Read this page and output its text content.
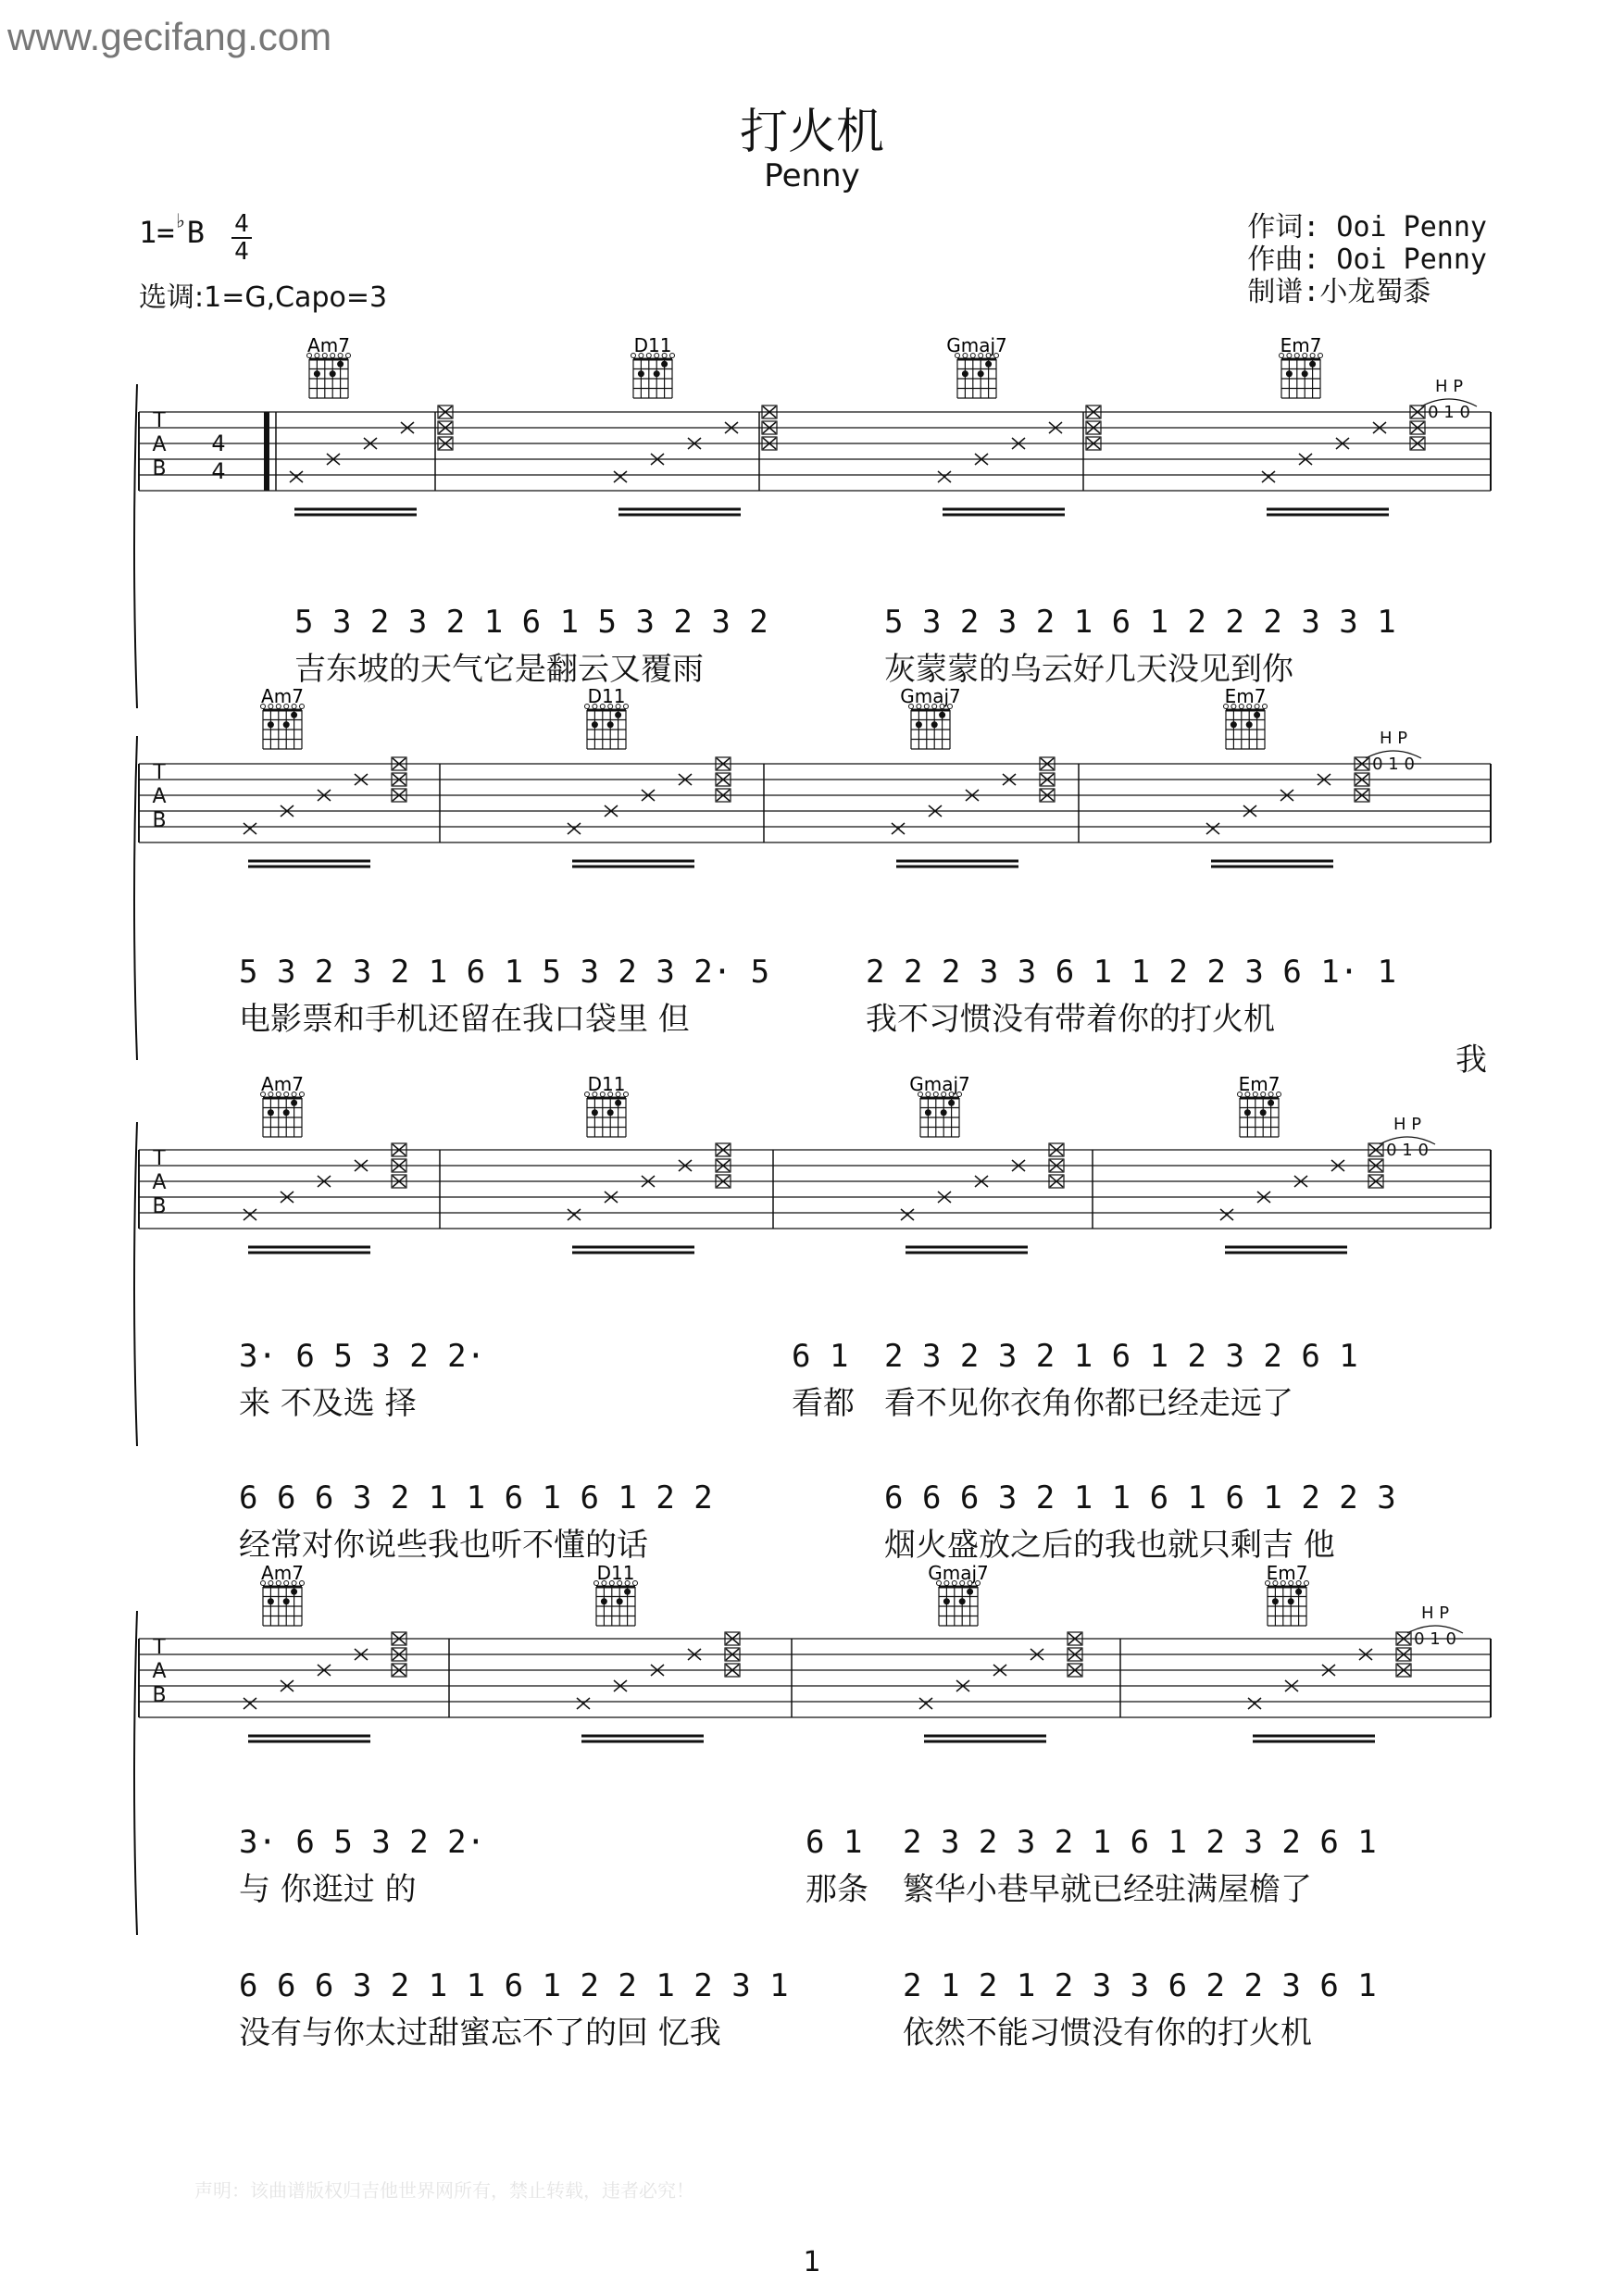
www.gecifang.com
打火机
Penny
1=♭B 4
4
选调:1=G,Capo=3
作词: Ooi Penny
作曲: Ooi Penny
制谱:小龙蜀黍
T
A
B
4
4
Am7	D11	Gmaj7	Em7
H P
0 1 0
T
A
B
Am7	D11	Gmaj7	Em7
H P
0 1 0
T
A
B
Am7	D11	Gmaj7	Em7
H P
0 1 0
T
A
B
Am7	D11	Gmaj7	Em7
H P
0 1 0
5 3 2 3 2 1 6 1 5 3 2 3 2	5 3 2 3 2 1 6 1 2 2 2 3 3 1
吉东坡的天气它是翻云又覆雨	灰蒙蒙的乌云好几天没见到你
5 3 2 3 2 1 6 1 5 3 2 3 2· 5	2 2 2 3 3 6 1 1 2 2 3 6 1· 1
电影票和手机还留在我口袋里 但	我不习惯没有带着你的打火机
我
3· 6 5 3 2 2·	6 1 2 3 2 3 2 1 6 1 2 3 2 6 1
来 不及选 择	看都 看不见你衣角你都已经走远了
6 6 6 3 2 1 1 6 1 6 1 2 2	6 6 6 3 2 1 1 6 1 6 1 2 2 3
经常对你说些我也听不懂的话	烟火盛放之后的我也就只剩吉 他
3· 6 5 3 2 2·	6 1 2 3 2 3 2 1 6 1 2 3 2 6 1
与 你逛过 的	那条 繁华小巷早就已经驻满屋檐了
6 6 6 3 2 1 1 6 1 2 2 1 2 3 1	2 1 2 1 2 3 3 6 2 2 3 6 1
没有与你太过甜蜜忘不了的回 忆我	依然不能习惯没有你的打火机
声明：该曲谱版权归吉他世界网所有，禁止转载，违者必究！
1
